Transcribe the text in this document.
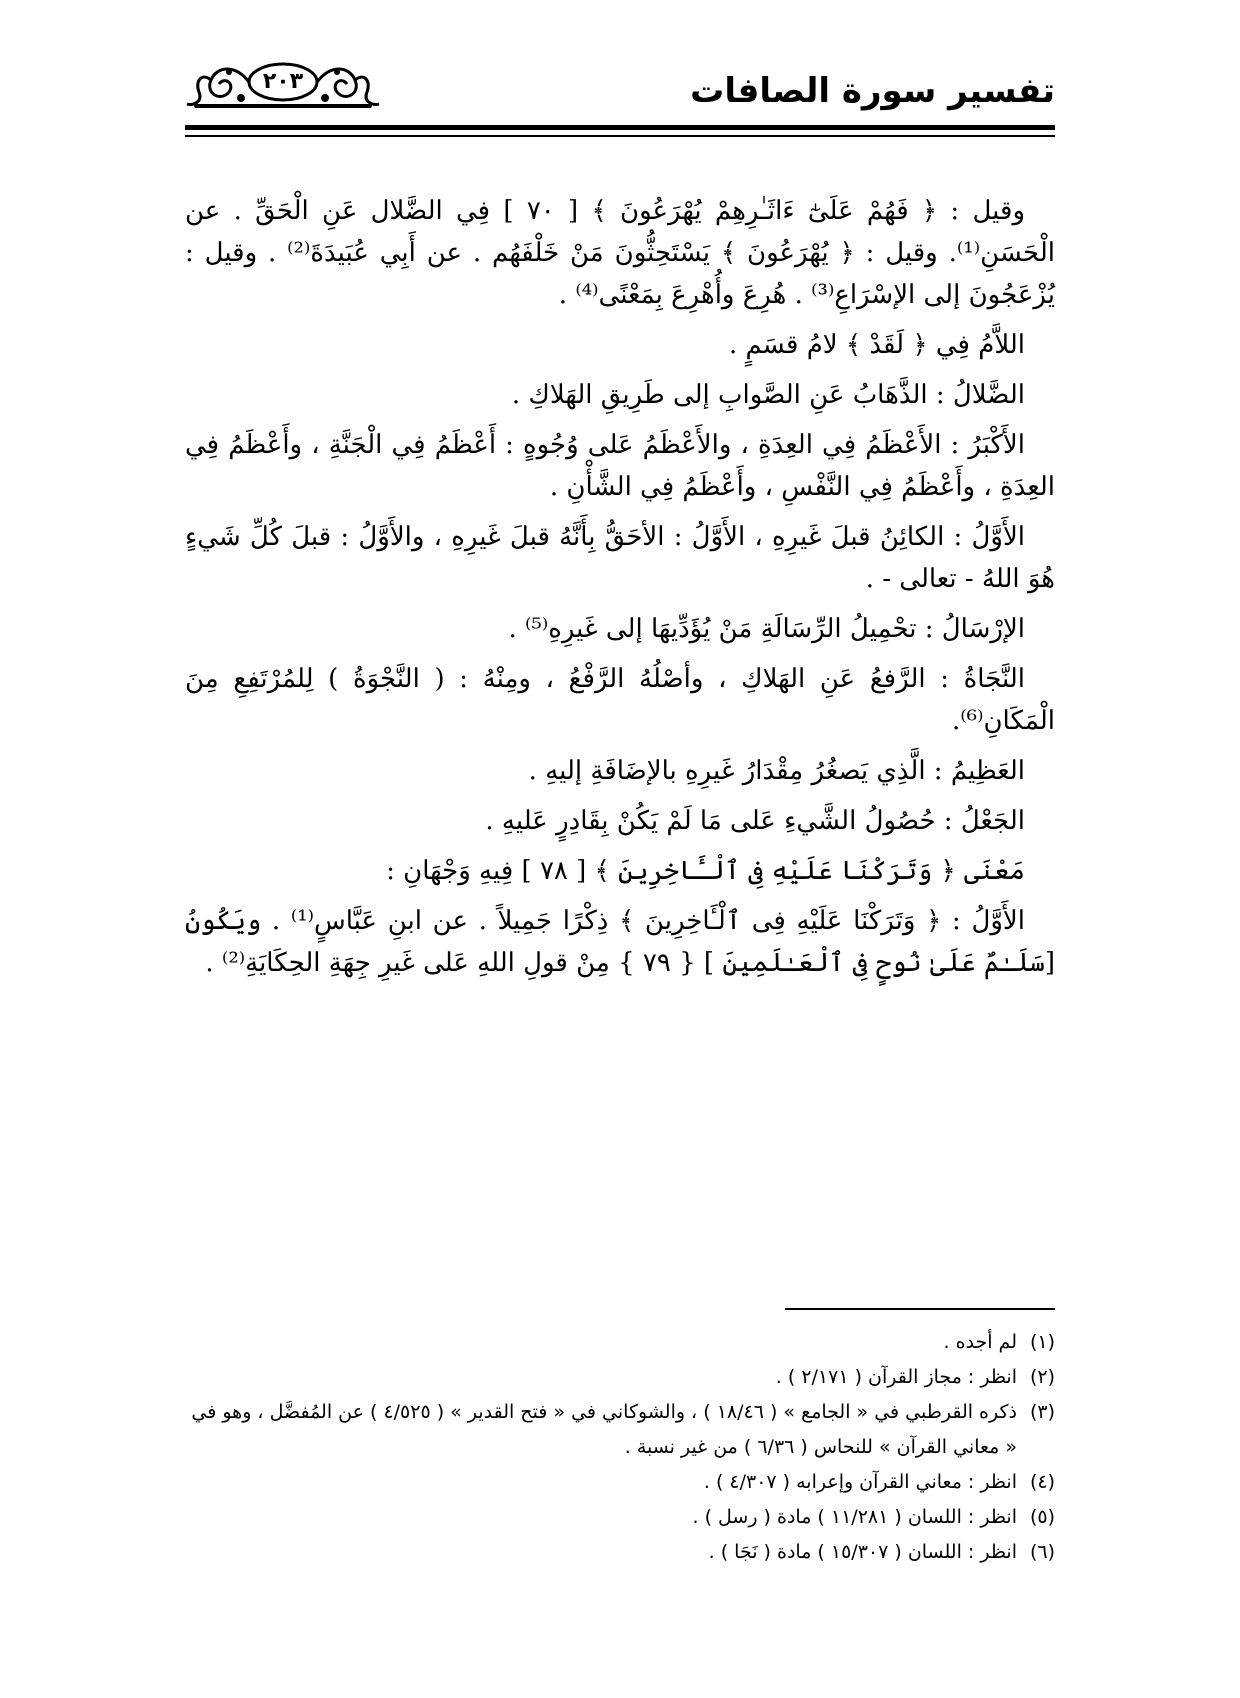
تفسير سورة الصافات
٢٠٣

وقيل : ﴿ فَهُمْ عَلَىٰٓ ءَاثَـٰرِهِمْ يُهْرَعُونَ ﴾ [ ٧٠ ] فِي الضَّلال عَنِ الْحَقِّ . عن الْحَسَنِ⁽¹⁾. وقيل : ﴿ يُهْرَعُونَ ﴾ يَسْتَحِثُّونَ مَنْ خَلْفَهُم . عن أَبِي عُبَيدَةَ⁽²⁾ . وقيل : يُزْعَجُونَ إلى الإسْرَاعِ⁽³⁾ . هُرِعَ وأُهْرِعَ بِمَعْنًى⁽⁴⁾ .

اللاَّمُ فِي ﴿ لَقَدْ ﴾ لامُ قسَمٍ .

الضَّلالُ : الذَّهَابُ عَنِ الصَّوابِ إلى طَرِيقِ الهَلاكِ .

الأَكْبَرُ : الأَعْظَمُ فِي العِدَةِ ، والأَعْظَمُ عَلى وُجُوهٍ : أَعْظَمُ فِي الْجَنَّةِ ، وأَعْظَمُ فِي العِدَةِ ، وأَعْظَمُ فِي النَّفْسِ ، وأَعْظَمُ فِي الشَّأْنِ .

الأَوَّلُ : الكائِنُ قبلَ غَيرِهِ ، الأَوَّلُ : الأحَقُّ بِأَنَّهُ قبلَ غَيرِهِ ، والأَوَّلُ : قبلَ كُلِّ شَيءٍ هُوَ اللهُ - تعالى - .

الإرْسَالُ : تحْمِيلُ الرِّسَالَةِ مَنْ يُؤَدِّيهَا إلى غَيرِهِ⁽⁵⁾ .

النَّجَاةُ : الرَّفعُ عَنِ الهَلاكِ ، وأصْلُهُ الرَّفْعُ ، ومِنْهُ : ( النَّجْوَةُ ) لِلمُرْتَفِعِ مِنَ الْمَكَانِ⁽⁶⁾.

العَظِيمُ : الَّذِي يَصغُرُ مِقْدَارُ غَيرِهِ بالإضَافَةِ إليهِ .

الجَعْلُ : حُصُولُ الشَّيءِ عَلى مَا لَمْ يَكُنْ بِقَادِرٍ عَليهِ .

مَعْنَى ﴿ وَتَرَكْنَا عَلَيْهِ فِى ٱلْـَٔاخِرِينَ ﴾ [ ٧٨ ] فِيهِ وَجْهَانِ :

الأَوَّلُ : ﴿ وَتَرَكْنَا عَلَيْهِ فِى ٱلْـَٔاخِرِينَ ﴾ ذِكْرًا جَمِيلاً . عن ابنِ عَبَّاسٍ⁽¹⁾ . ويَكُونُ [سَلَـٰمٌ عَلَىٰ نُوحٍ فِى ٱلْعَـٰلَمِينَ ] { ٧٩ } مِنْ قولِ اللهِ عَلى غَيرِ جِهَةِ الحِكَايَةِ⁽²⁾ .

(١)لم أجده .

(٢)انظر : مجاز القرآن ( ٢/١٧١ ) .

(٣)ذكره القرطبي في « الجامع » ( ١٨/٤٦ ) ، والشوكاني في « فتح القدير » ( ٤/٥٢٥ ) عن المُفضَّل ، وهو في « معاني القرآن » للنحاس ( ٦/٣٦ ) من غير نسبة .

(٤)انظر : معاني القرآن وإعرابه ( ٤/٣٠٧ ) .

(٥)انظر : اللسان ( ١١/٢٨١ ) مادة ( رسل ) .

(٦)انظر : اللسان ( ١٥/٣٠٧ ) مادة ( نَجَا ) .
